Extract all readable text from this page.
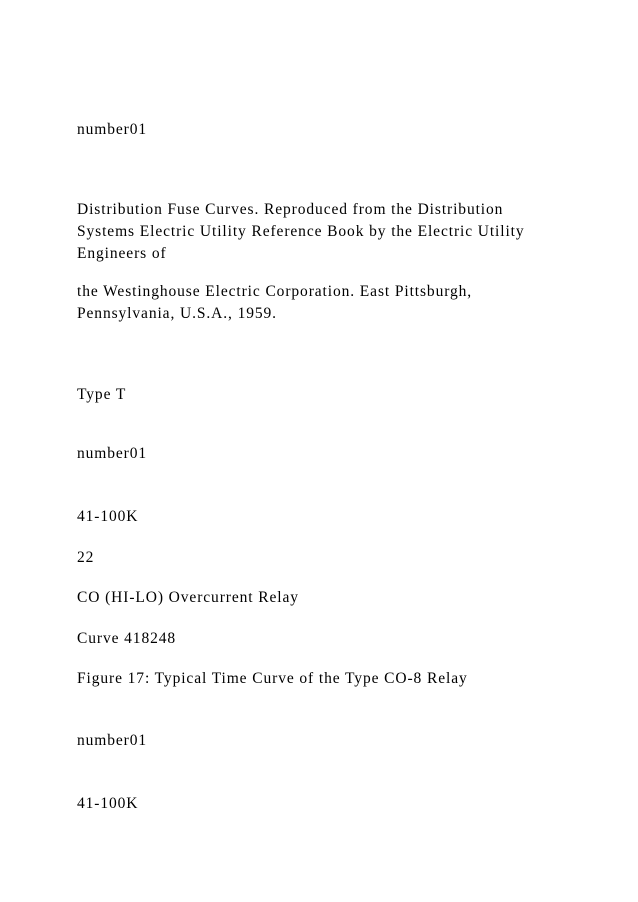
number01

Distribution Fuse Curves. Reproduced from the Distribution

Systems Electric Utility Reference Book by the Electric Utility

Engineers of

the Westinghouse Electric Corporation. East Pittsburgh,

Pennsylvania, U.S.A., 1959.

Type T

number01

41-100K

22

CO (HI-LO) Overcurrent Relay

Curve 418248

Figure 17: Typical Time Curve of the Type CO-8 Relay

number01

41-100K
